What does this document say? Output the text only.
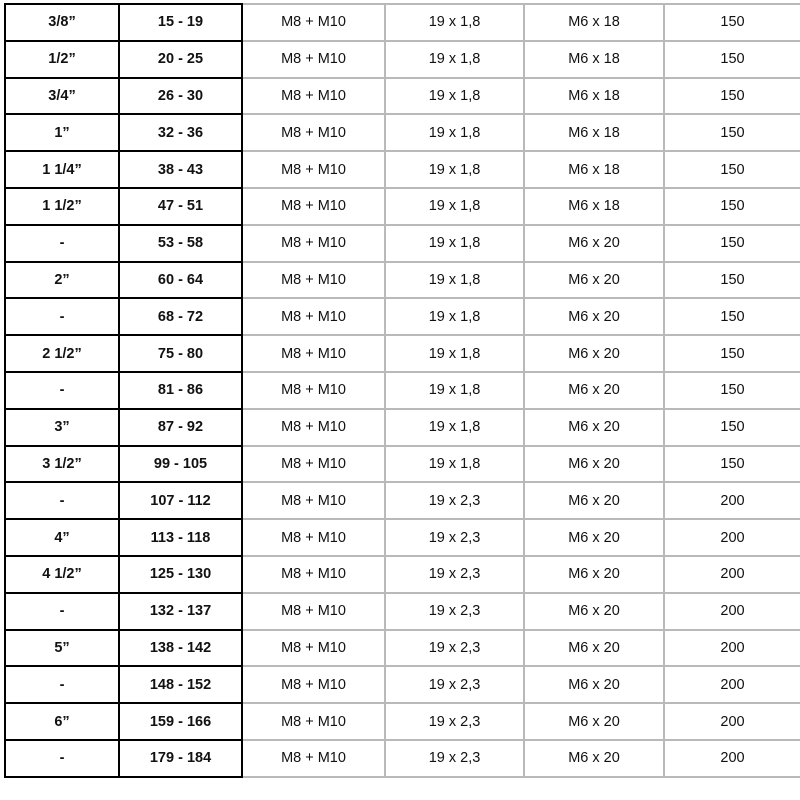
3/8”	15 - 19	M8 + M10	19 x 1,8	M6 x 18	150
1/2”	20 - 25	M8 + M10	19 x 1,8	M6 x 18	150
3/4”	26 - 30	M8 + M10	19 x 1,8	M6 x 18	150
1”	32 - 36	M8 + M10	19 x 1,8	M6 x 18	150
1 1/4”	38 - 43	M8 + M10	19 x 1,8	M6 x 18	150
1 1/2”	47 - 51	M8 + M10	19 x 1,8	M6 x 18	150
-	53 - 58	M8 + M10	19 x 1,8	M6 x 20	150
2”	60 - 64	M8 + M10	19 x 1,8	M6 x 20	150
-	68 - 72	M8 + M10	19 x 1,8	M6 x 20	150
2 1/2”	75 - 80	M8 + M10	19 x 1,8	M6 x 20	150
-	81 - 86	M8 + M10	19 x 1,8	M6 x 20	150
3”	87 - 92	M8 + M10	19 x 1,8	M6 x 20	150
3 1/2”	99 - 105	M8 + M10	19 x 1,8	M6 x 20	150
-	107 - 112	M8 + M10	19 x 2,3	M6 x 20	200
4”	113 - 118	M8 + M10	19 x 2,3	M6 x 20	200
4 1/2”	125 - 130	M8 + M10	19 x 2,3	M6 x 20	200
-	132 - 137	M8 + M10	19 x 2,3	M6 x 20	200
5”	138 - 142	M8 + M10	19 x 2,3	M6 x 20	200
-	148 - 152	M8 + M10	19 x 2,3	M6 x 20	200
6”	159 - 166	M8 + M10	19 x 2,3	M6 x 20	200
-	179 - 184	M8 + M10	19 x 2,3	M6 x 20	200
